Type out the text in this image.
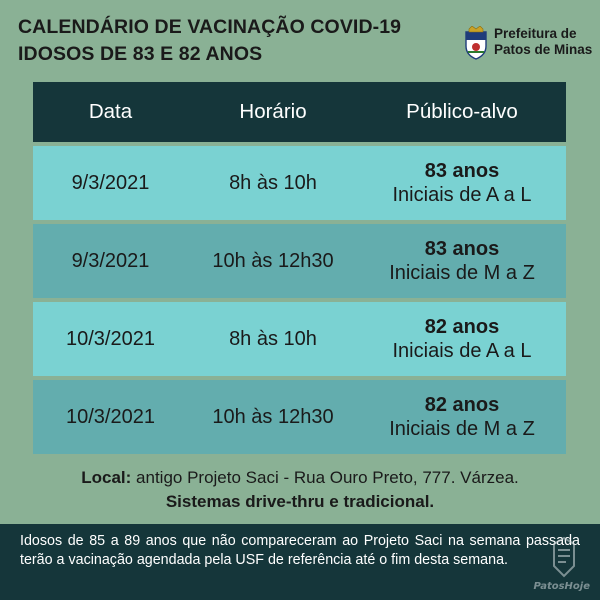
CALENDÁRIO DE VACINAÇÃO COVID-19
IDOSOS DE 83 E 82 ANOS
Prefeitura de
Patos de Minas
Data	Horário	Público-alvo
9/3/2021	8h às 10h
83 anos
Iniciais de A a L
9/3/2021	10h às 12h30
83 anos
Iniciais de M a Z
10/3/2021	8h às 10h
82 anos
Iniciais de A a L
10/3/2021	10h às 12h30
82 anos
Iniciais de M a Z
Local: antigo Projeto Saci - Rua Ouro Preto, 777. Várzea.
Sistemas drive-thru e tradicional.
Idosos de 85 a 89 anos que não compareceram ao Projeto Saci na semana passada terão a vacinação agendada pela USF de referência até o fim desta semana.
PatosHoje
